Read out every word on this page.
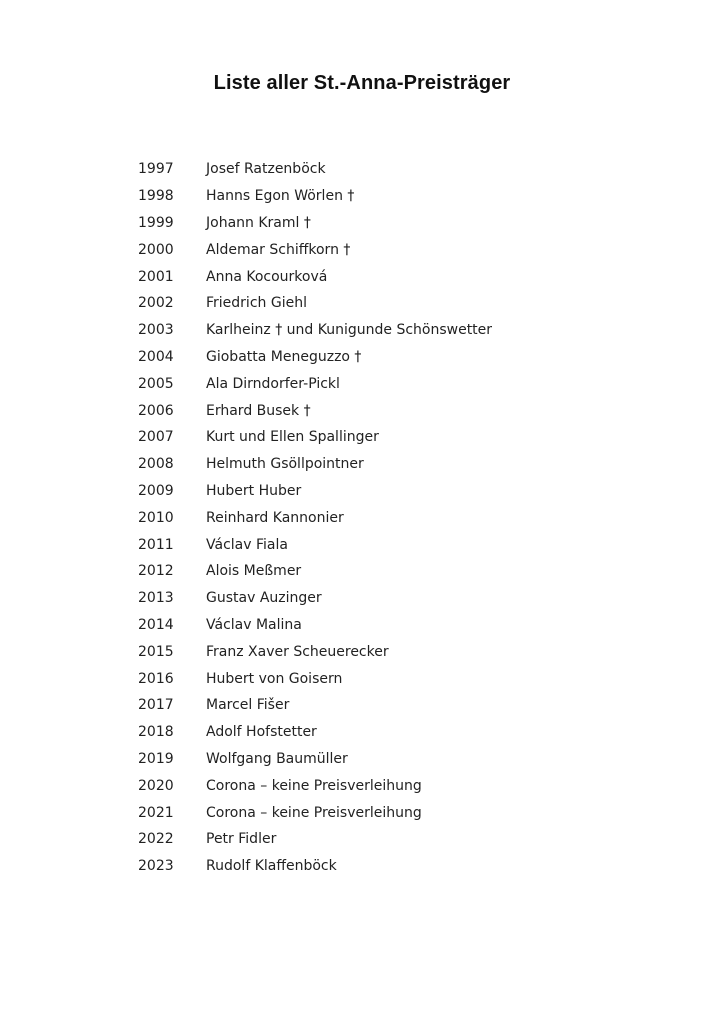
Liste aller St.-Anna-Preisträger
1997	Josef Ratzenböck
1998	Hanns Egon Wörlen †
1999	Johann Kraml †
2000	Aldemar Schiffkorn †
2001	Anna Kocourková
2002	Friedrich Giehl
2003	Karlheinz † und Kunigunde Schönswetter
2004	Giobatta Meneguzzo †
2005	Ala Dirndorfer-Pickl
2006	Erhard Busek †
2007	Kurt und Ellen Spallinger
2008	Helmuth Gsöllpointner
2009	Hubert Huber
2010	Reinhard Kannonier
2011	Václav Fiala
2012	Alois Meßmer
2013	Gustav Auzinger
2014	Václav Malina
2015	Franz Xaver Scheuerecker
2016	Hubert von Goisern
2017	Marcel Fišer
2018	Adolf Hofstetter
2019	Wolfgang Baumüller
2020	Corona – keine Preisverleihung
2021	Corona – keine Preisverleihung
2022	Petr Fidler
2023	Rudolf Klaffenböck
